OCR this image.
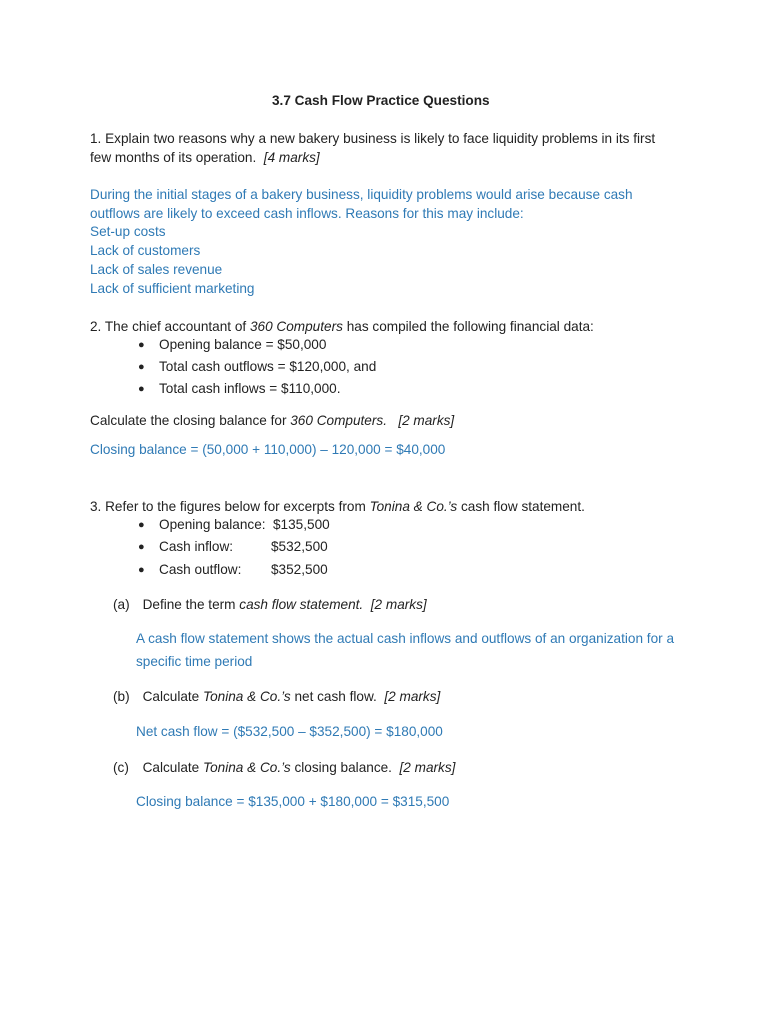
3.7 Cash Flow Practice Questions
1. Explain two reasons why a new bakery business is likely to face liquidity problems in its first
few months of its operation. [4 marks]
During the initial stages of a bakery business, liquidity problems would arise because cash
outflows are likely to exceed cash inflows. Reasons for this may include:
Set-up costs
Lack of customers
Lack of sales revenue
Lack of sufficient marketing
2. The chief accountant of 360 Computers has compiled the following financial data:
● Opening balance = $50,000
● Total cash outflows = $120,000, and
● Total cash inflows = $110,000.
Calculate the closing balance for 360 Computers. [2 marks]
Closing balance = (50,000 + 110,000) – 120,000 = $40,000
3. Refer to the figures below for excerpts from Tonina & Co.’s cash flow statement.
● Opening balance: $135,500
● Cash inflow:	$532,500
● Cash outflow: $352,500
(a) Define the term cash flow statement. [2 marks]
A cash flow statement shows the actual cash inflows and outflows of an organization for a
specific time period
(b) Calculate Tonina & Co.’s net cash flow. [2 marks]
Net cash flow = ($532,500 – $352,500) = $180,000
(c) Calculate Tonina & Co.’s closing balance. [2 marks]
Closing balance = $135,000 + $180,000 = $315,500
